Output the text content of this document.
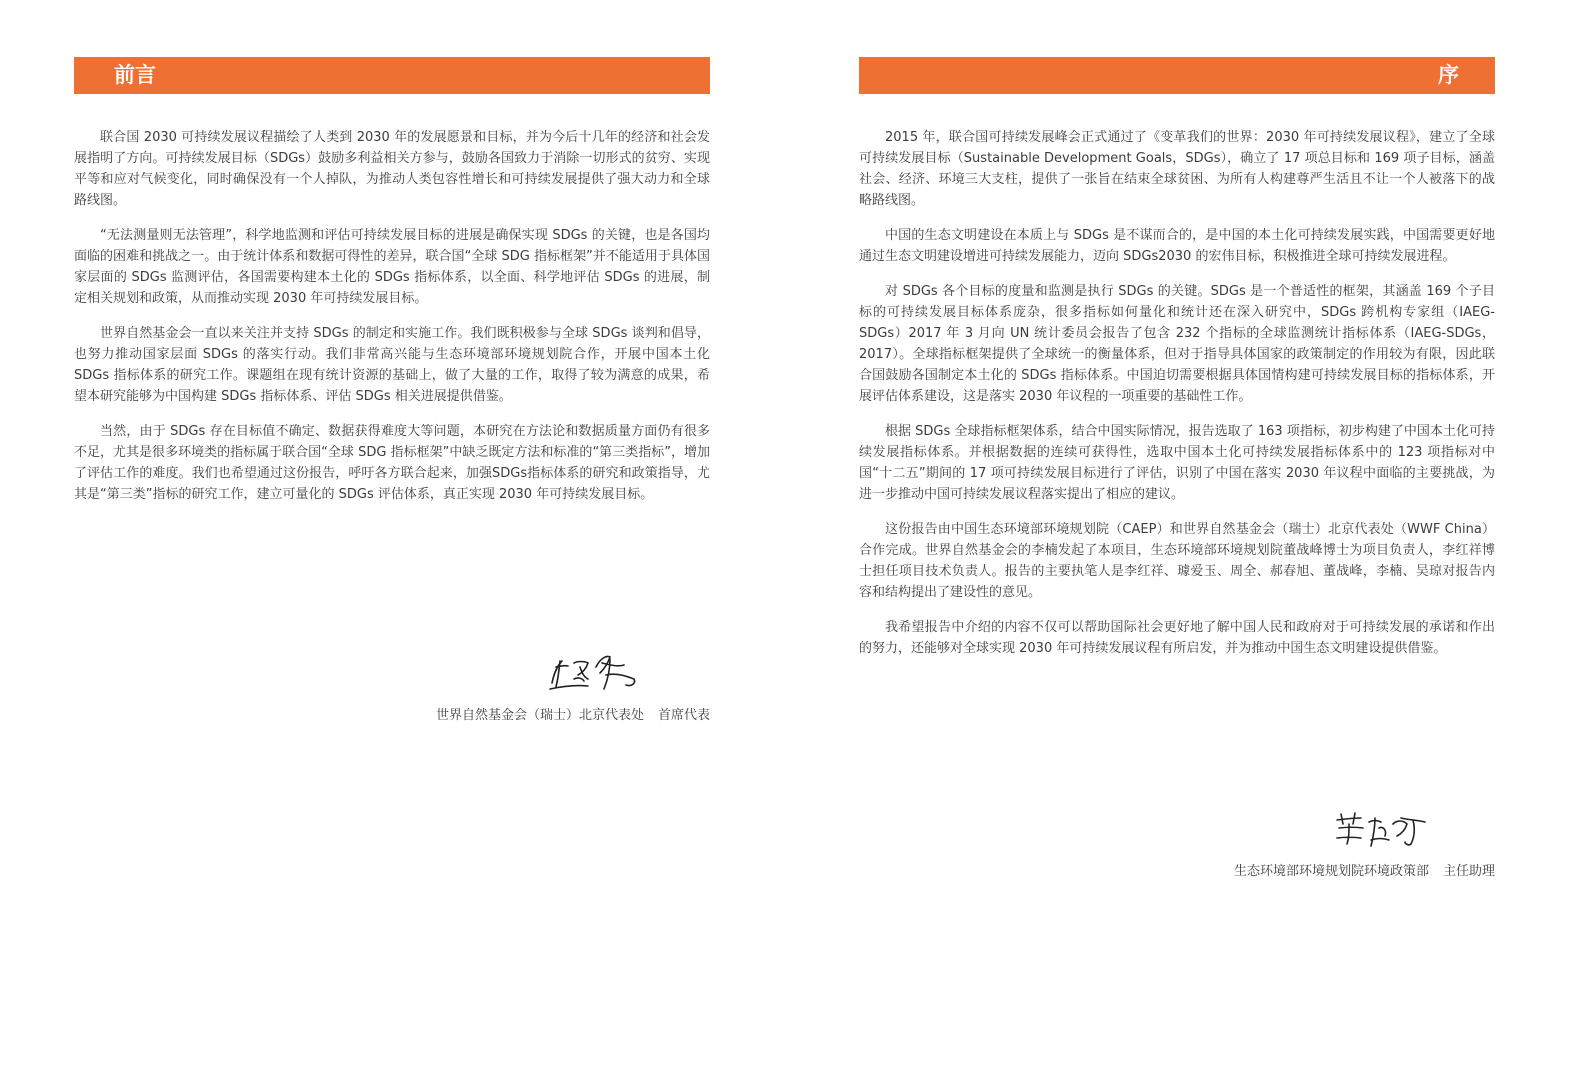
前言

联合国 2030 可持续发展议程描绘了人类到 2030 年的发展愿景和目标，并为今后十几年的经济和社会发展指明了方向。可持续发展目标（SDGs）鼓励多利益相关方参与，鼓励各国致力于消除一切形式的贫穷、实现平等和应对气候变化，同时确保没有一个人掉队，为推动人类包容性增长和可持续发展提供了强大动力和全球路线图。

“无法测量则无法管理”，科学地监测和评估可持续发展目标的进展是确保实现 SDGs 的关键，也是各国均面临的困难和挑战之一。由于统计体系和数据可得性的差异，联合国“全球 SDG 指标框架”并不能适用于具体国家层面的 SDGs 监测评估，各国需要构建本土化的 SDGs 指标体系，以全面、科学地评估 SDGs 的进展，制定相关规划和政策，从而推动实现 2030 年可持续发展目标。

世界自然基金会一直以来关注并支持 SDGs 的制定和实施工作。我们既积极参与全球 SDGs 谈判和倡导，也努力推动国家层面 SDGs 的落实行动。我们非常高兴能与生态环境部环境规划院合作，开展中国本土化 SDGs 指标体系的研究工作。课题组在现有统计资源的基础上，做了大量的工作，取得了较为满意的成果，希望本研究能够为中国构建 SDGs 指标体系、评估 SDGs 相关进展提供借鉴。

当然，由于 SDGs 存在目标值不确定、数据获得难度大等问题，本研究在方法论和数据质量方面仍有很多不足，尤其是很多环境类的指标属于联合国“全球 SDG 指标框架”中缺乏既定方法和标准的“第三类指标”，增加了评估工作的难度。我们也希望通过这份报告，呼吁各方联合起来，加强SDGs指标体系的研究和政策指导，尤其是“第三类”指标的研究工作，建立可量化的 SDGs 评估体系，真正实现 2030 年可持续发展目标。

世界自然基金会（瑞士）北京代表处 首席代表
序

2015 年，联合国可持续发展峰会正式通过了《变革我们的世界：2030 年可持续发展议程》，建立了全球可持续发展目标（Sustainable Development Goals，SDGs），确立了 17 项总目标和 169 项子目标，涵盖社会、经济、环境三大支柱，提供了一张旨在结束全球贫困、为所有人构建尊严生活且不让一个人被落下的战略路线图。

中国的生态文明建设在本质上与 SDGs 是不谋而合的，是中国的本土化可持续发展实践，中国需要更好地通过生态文明建设增进可持续发展能力，迈向 SDGs2030 的宏伟目标，积极推进全球可持续发展进程。

对 SDGs 各个目标的度量和监测是执行 SDGs 的关键。SDGs 是一个普适性的框架，其涵盖 169 个子目标的可持续发展目标体系庞杂，很多指标如何量化和统计还在深入研究中，SDGs 跨机构专家组（IAEG-SDGs）2017 年 3 月向 UN 统计委员会报告了包含 232 个指标的全球监测统计指标体系（IAEG-SDGs，2017）。全球指标框架提供了全球统一的衡量体系，但对于指导具体国家的政策制定的作用较为有限，因此联合国鼓励各国制定本土化的 SDGs 指标体系。中国迫切需要根据具体国情构建可持续发展目标的指标体系，开展评估体系建设，这是落实 2030 年议程的一项重要的基础性工作。

根据 SDGs 全球指标框架体系，结合中国实际情况，报告选取了 163 项指标，初步构建了中国本土化可持续发展指标体系。并根据数据的连续可获得性，选取中国本土化可持续发展指标体系中的 123 项指标对中国“十二五”期间的 17 项可持续发展目标进行了评估，识别了中国在落实 2030 年议程中面临的主要挑战，为进一步推动中国可持续发展议程落实提出了相应的建议。

这份报告由中国生态环境部环境规划院（CAEP）和世界自然基金会（瑞士）北京代表处（WWF China）合作完成。世界自然基金会的李楠发起了本项目，生态环境部环境规划院董战峰博士为项目负责人，李红祥博士担任项目技术负责人。报告的主要执笔人是李红祥、璩爱玉、周全、郝春旭、董战峰，李楠、吴琼对报告内容和结构提出了建设性的意见。

我希望报告中介绍的内容不仅可以帮助国际社会更好地了解中国人民和政府对于可持续发展的承诺和作出的努力，还能够对全球实现 2030 年可持续发展议程有所启发，并为推动中国生态文明建设提供借鉴。

生态环境部环境规划院环境政策部 主任助理
